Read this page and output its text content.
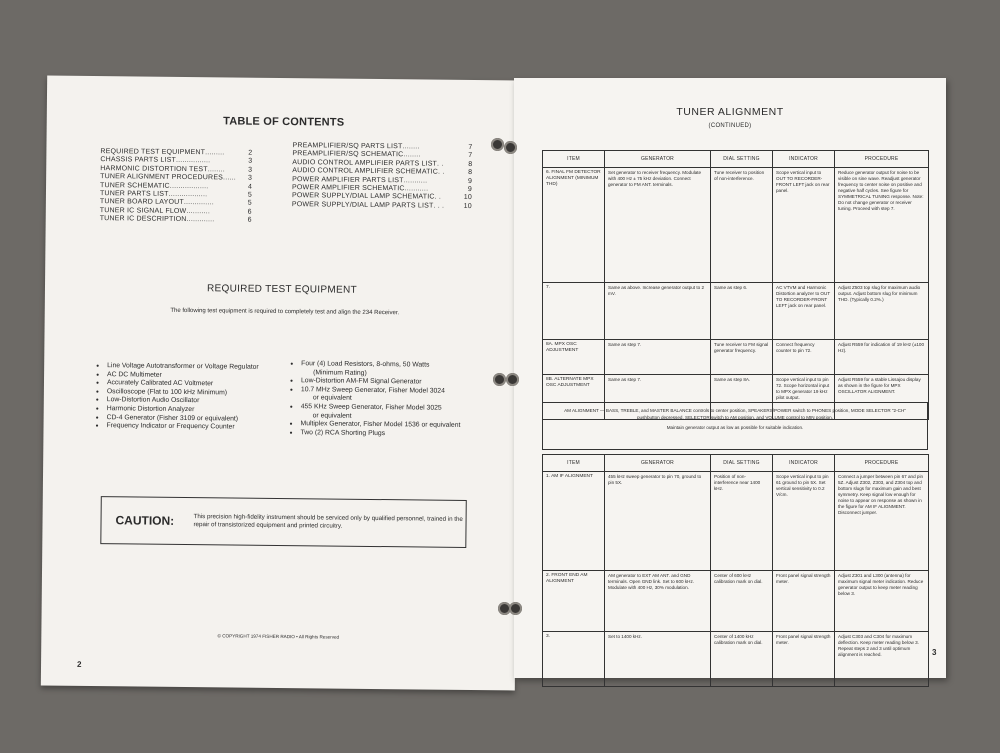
TABLE OF CONTENTS
REQUIRED TEST EQUIPMENT .........	2
CHASSIS PARTS LIST ................	3
HARMONIC DISTORTION TEST ........	3
TUNER ALIGNMENT PROCEDURES ......	3
TUNER SCHEMATIC ..................	4
TUNER PARTS LIST ..................	5
TUNER BOARD LAYOUT ..............	5
TUNER IC SIGNAL FLOW ...........	6
TUNER IC DESCRIPTION .............	6
PREAMPLIFIER/SQ PARTS LIST ........	7
PREAMPLIFIER/SQ SCHEMATIC ........	7
AUDIO CONTROL AMPLIFIER PARTS LIST . .	8
AUDIO CONTROL AMPLIFIER SCHEMATIC . .	8
POWER AMPLIFIER PARTS LIST ...........	9
POWER AMPLIFIER SCHEMATIC ...........	9
POWER SUPPLY/DIAL LAMP SCHEMATIC . .	10
POWER SUPPLY/DIAL LAMP PARTS LIST . . .	10
REQUIRED TEST EQUIPMENT
The following test equipment is required to completely test and align the 234 Receiver.
●	Line Voltage Autotransformer or Voltage Regulator
●	AC DC Multimeter
●	Accurately Calibrated AC Voltmeter
●	Oscilloscope (Flat to 100 kHz Minimum)
●	Low-Distortion Audio Oscillator
●	Harmonic Distortion Analyzer
●	CD-4 Generator (Fisher 3109 or equivalent)
●	Frequency Indicator or Frequency Counter
●	Four (4) Load Resistors, 8-ohms, 50 Watts
(Minimum Rating)
●	Low-Distortion AM-FM Signal Generator
●	10.7 MHz Sweep Generator, Fisher Model 3024
or equivalent
●	455 KHz Sweep Generator, Fisher Model 3025
or equivalent
●	Multiplex Generator, Fisher Model 1536 or equivalent
●	Two (2) RCA Shorting Plugs
CAUTION:	This precision high-fidelity instrument should be serviced only by qualified personnel, trained in the repair of transistorized equipment and printed circuitry.
© COPYRIGHT 1974 FISHER RADIO • All Rights Reserved
2
TUNER ALIGNMENT
(CONTINUED)
ITEM	GENERATOR	DIAL SETTING	INDICATOR	PROCEDURE
6. FINAL FM DETECTOR ALIGNMENT (MINIMUM THD)	Set generator to receiver frequency. Modulate with 400 Hz ± 75 kHz deviation. Connect generator to FM ANT. terminals.	Tune receiver to position of non-interference.	Scope vertical input to OUT TO RECORDER-FRONT LEFT jack on rear panel.	Reduce generator output for noise to be visible on sine wave. Readjust generator frequency to center noise on positive and negative half cycles. See figure for SYMMETRICAL TUNING response. Note: Do not change generator or receiver tuning. Proceed with step 7.
7.	Same as above. Increase generator output to 2 mV.	Same as step 6.	AC VTVM and Harmonic Distortion analyzer to OUT TO RECORDER-FRONT LEFT jack on rear panel.	Adjust Z503 top slug for maximum audio output. Adjust bottom slug for minimum THD. (Typically 0.2%.)
8A. MPX OSC ADJUSTMENT	Same as step 7.	Tune receiver to FM signal generator frequency.	Connect frequency counter to pin 72.	Adjust R559 for indication of 19 kHz (±100 Hz).
8B. ALTERNATE MPX OSC ADJUSTMENT	Same as step 7.	Same as step 8A.	Scope vertical input to pin 72. Scope horizontal input to MPX generator 19 kHz pilot output.	Adjust R559 for a stable Lissajou display as shown in the figure for MPX OSCILLATOR ALIGNMENT.
AM ALIGNMENT — BASS, TREBLE, and MASTER BALANCE controls to center position, SPEAKERS/POWER switch to PHONES position, MODE SELECTOR "2-CH" pushbutton depressed, SELECTOR switch to AM position, and VOLUME control to MIN position.
Maintain generator output as low as possible for suitable indication.
ITEM	GENERATOR	DIAL SETTING	INDICATOR	PROCEDURE
1. AM IF ALIGNMENT	455 kHz sweep generator to pin 70, ground to pin 5X.	Position of non-interference near 1400 kHz.	Scope vertical input to pin 61 ground to pin 5X. Set vertical sensitivity to 0.2 V/cm.	Connect a jumper between pin 67 and pin 5Z. Adjust Z302, Z303, and Z304 top and bottom slugs for maximum gain and best symmetry. Keep signal low enough for noise to appear on response as shown in the figure for AM IF ALIGNMENT. Disconnect jumper.
2. FRONT END AM ALIGNMENT	AM generator to EXT AM ANT. and GND terminals. Open GND link. Set to 600 kHz. Modulate with 400 Hz, 30% modulation.	Center of 600 kHz calibration mark on dial.	Front panel signal strength meter.	Adjust Z301 and L300 (antenna) for maximum signal meter indication. Reduce generator output to keep meter reading below 3.
3.	Set to 1400 kHz.	Center of 1400 kHz calibration mark on dial.	Front panel signal strength meter.	Adjust C303 and C304 for maximum deflection. Keep meter reading below 3. Repeat steps 2 and 3 until optimum alignment is reached.	3
